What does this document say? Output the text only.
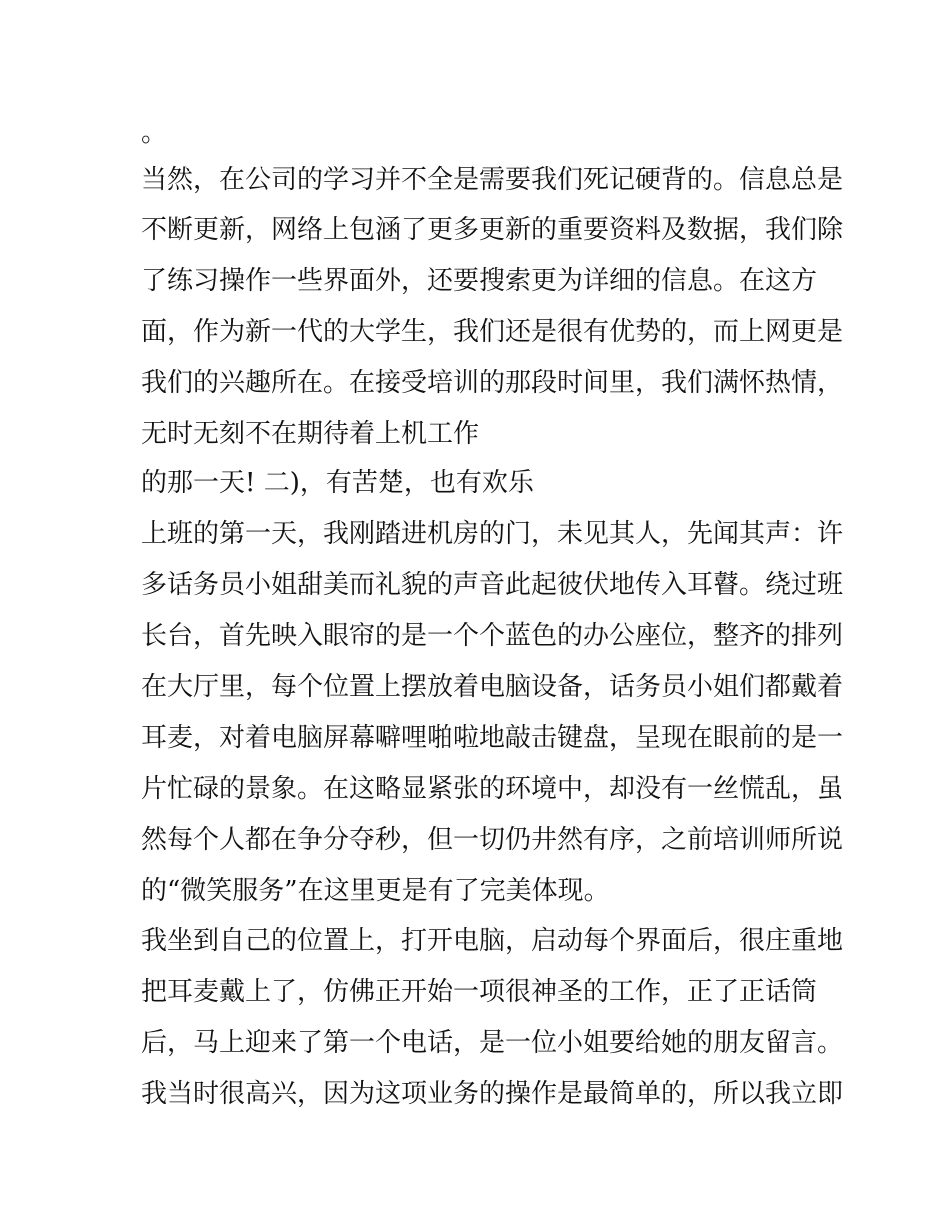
。

当然，在公司的学习并不全是需要我们死记硬背的。信息总是

不断更新，网络上包涵了更多更新的重要资料及数据，我们除

了练习操作一些界面外，还要搜索更为详细的信息。在这方

面，作为新一代的大学生，我们还是很有优势的，而上网更是

我们的兴趣所在。在接受培训的那段时间里，我们满怀热情，

无时无刻不在期待着上机工作

的那一天! 二)，有苦楚，也有欢乐

上班的第一天，我刚踏进机房的门，未见其人，先闻其声：许

多话务员小姐甜美而礼貌的声音此起彼伏地传入耳瞽。绕过班

长台，首先映入眼帘的是一个个蓝色的办公座位，整齐的排列

在大厅里，每个位置上摆放着电脑设备，话务员小姐们都戴着

耳麦，对着电脑屏幕噼哩啪啦地敲击键盘，呈现在眼前的是一

片忙碌的景象。在这略显紧张的环境中，却没有一丝慌乱，虽

然每个人都在争分夺秒，但一切仍井然有序，之前培训师所说

的“微笑服务”在这里更是有了完美体现。

我坐到自己的位置上，打开电脑，启动每个界面后，很庄重地

把耳麦戴上了，仿佛正开始一项很神圣的工作，正了正话筒

后，马上迎来了第一个电话，是一位小姐要给她的朋友留言。

我当时很高兴，因为这项业务的操作是最简单的，所以我立即
